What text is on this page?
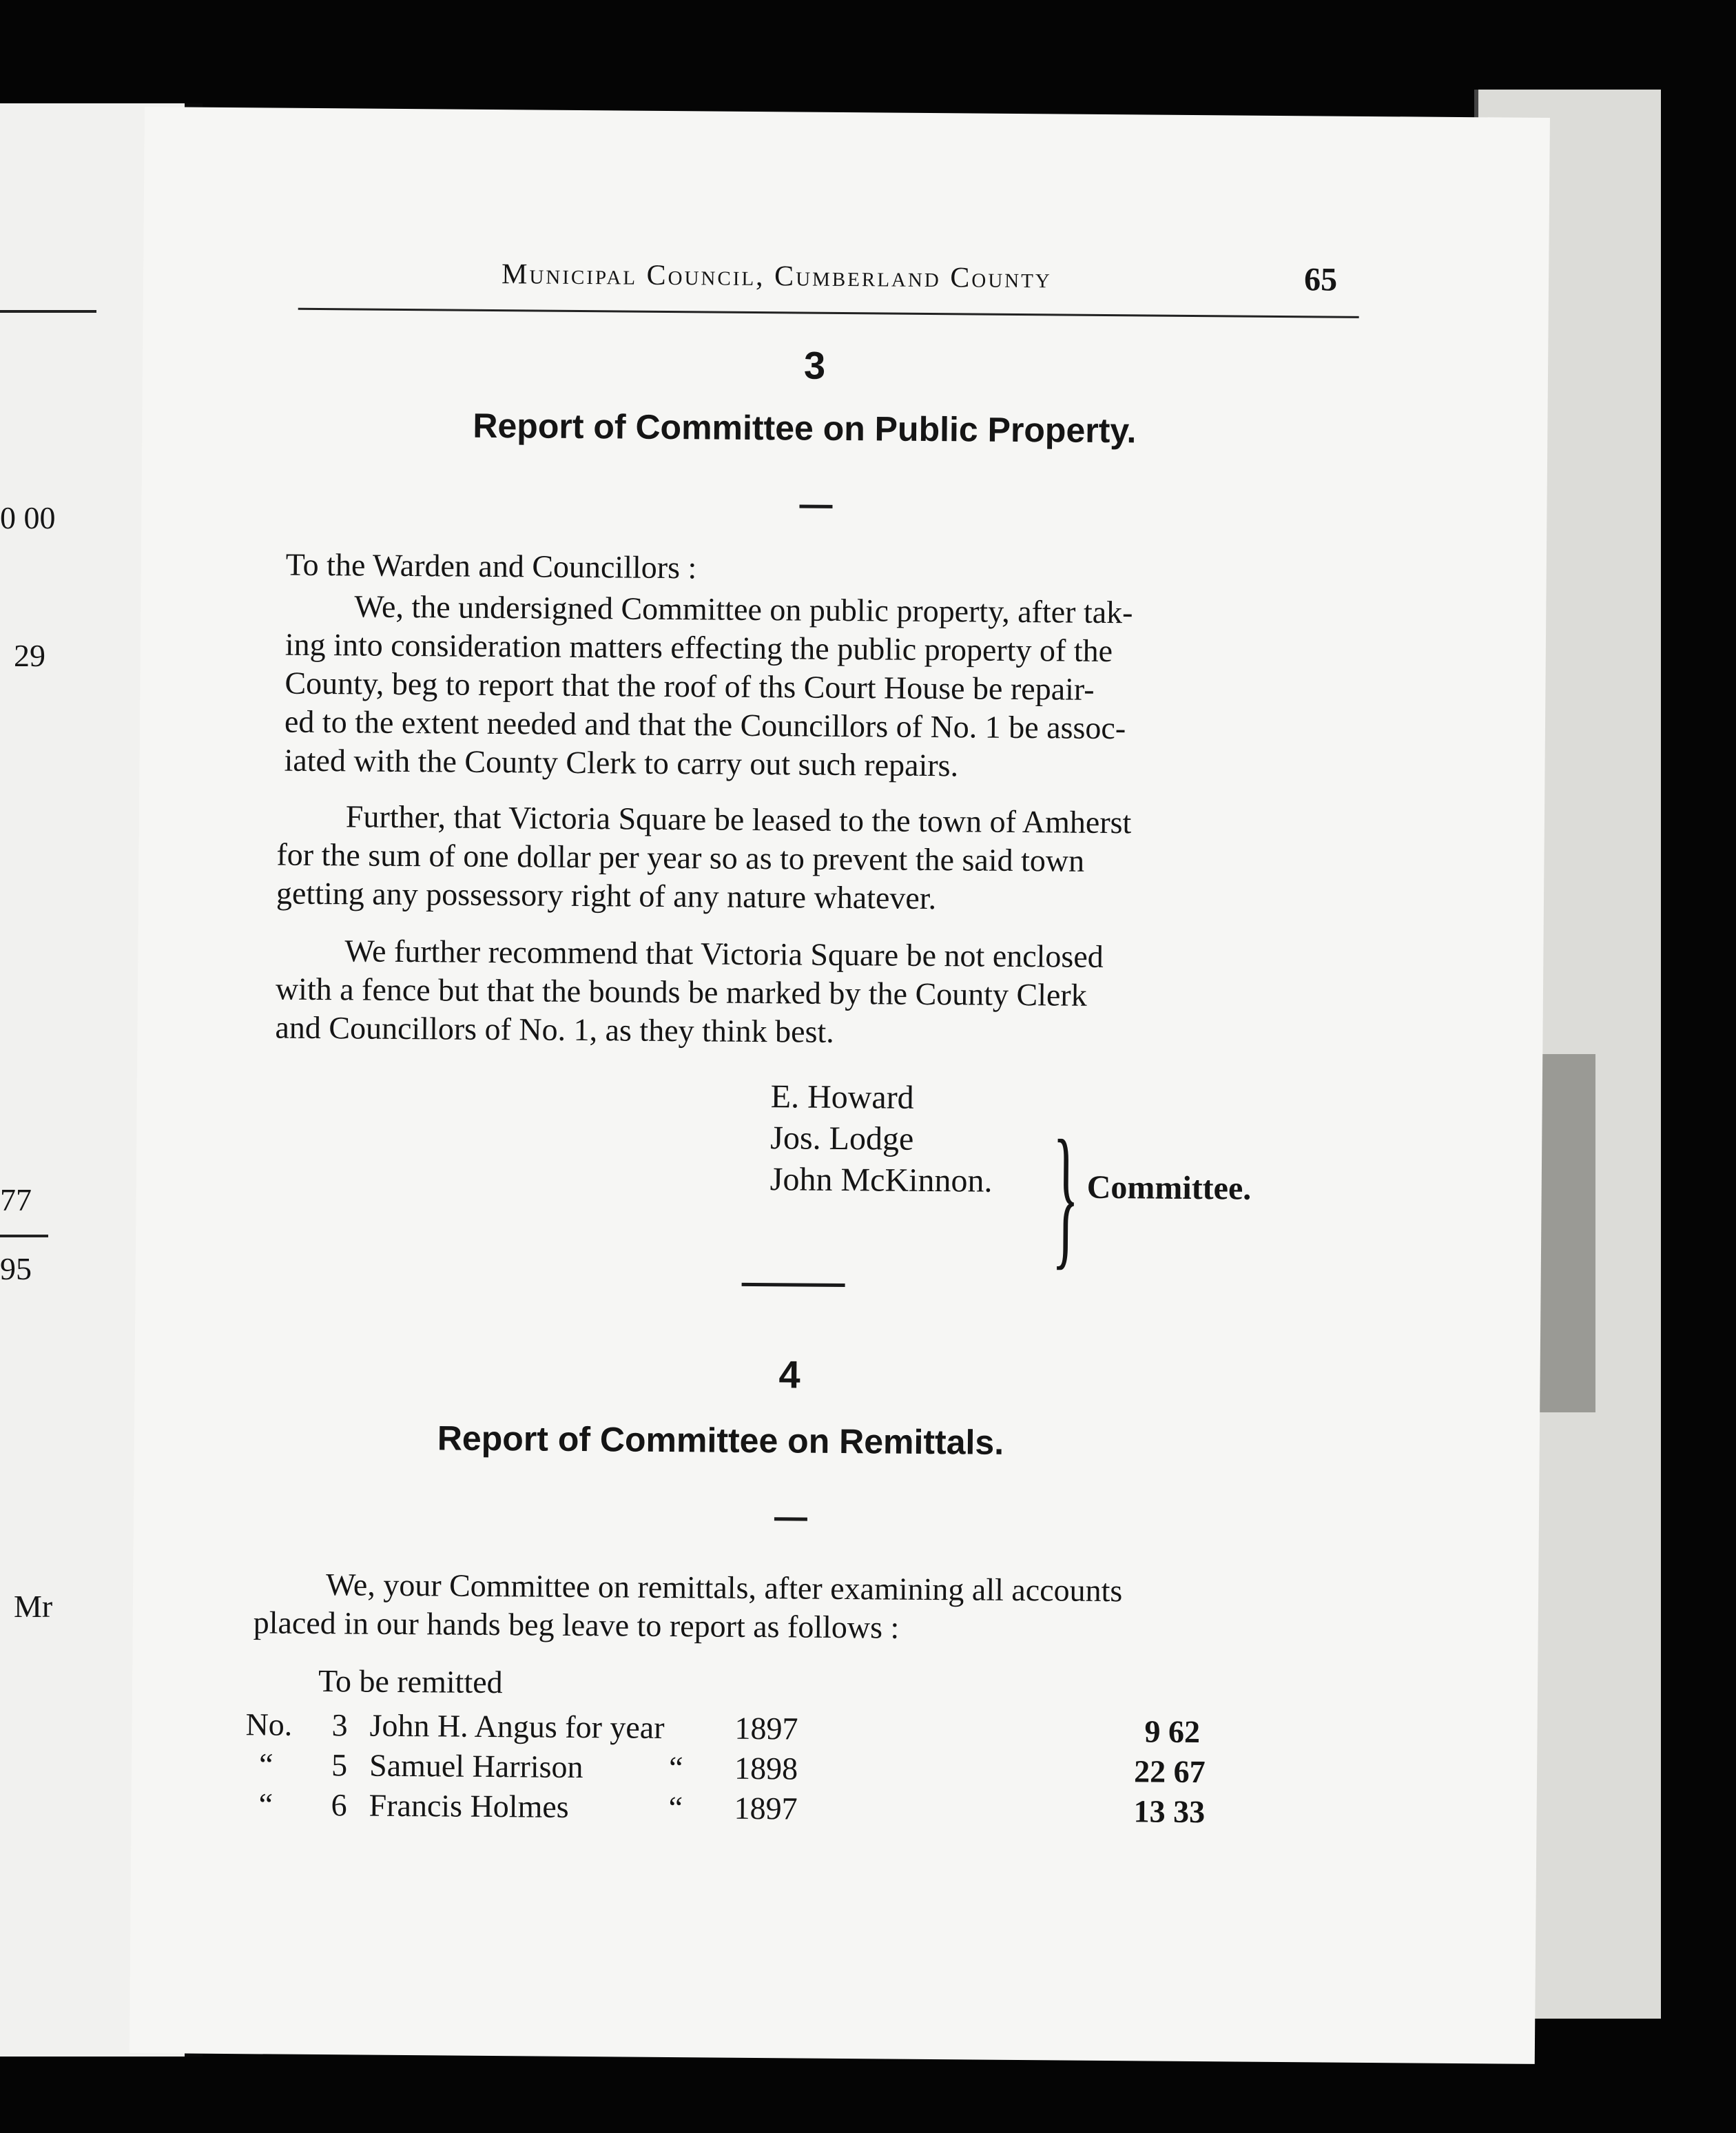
0 00
29
77
95
Mr
Municipal Council, Cumberland County	65
3
Report of Committee on Public Property.
To the Warden and Councillors :
We, the undersigned Committee on public property, after tak-
ing into consideration matters effecting the public property of the
County, beg to report that the roof of ths Court House be repair-
ed to the extent needed and that the Councillors of No. 1 be assoc-
iated with the County Clerk to carry out such repairs.
Further, that Victoria Square be leased to the town of Amherst
for the sum of one dollar per year so as to prevent the said town
getting any possessory right of any nature whatever.
We further recommend that Victoria Square be not enclosed
with a fence but that the bounds be marked by the County Clerk
and Councillors of No. 1, as they think best.
E. Howard
Jos. Lodge
John McKinnon. } Committee.
4
Report of Committee on Remittals.
We, your Committee on remittals, after examining all accounts
placed in our hands beg leave to report as follows :
To be remitted
No. 3 John H. Angus for year 1897	9 62
“ 5 Samuel Harrison	“ 1898	22 67
“ 6 Francis Holmes	“ 1897	13 33
